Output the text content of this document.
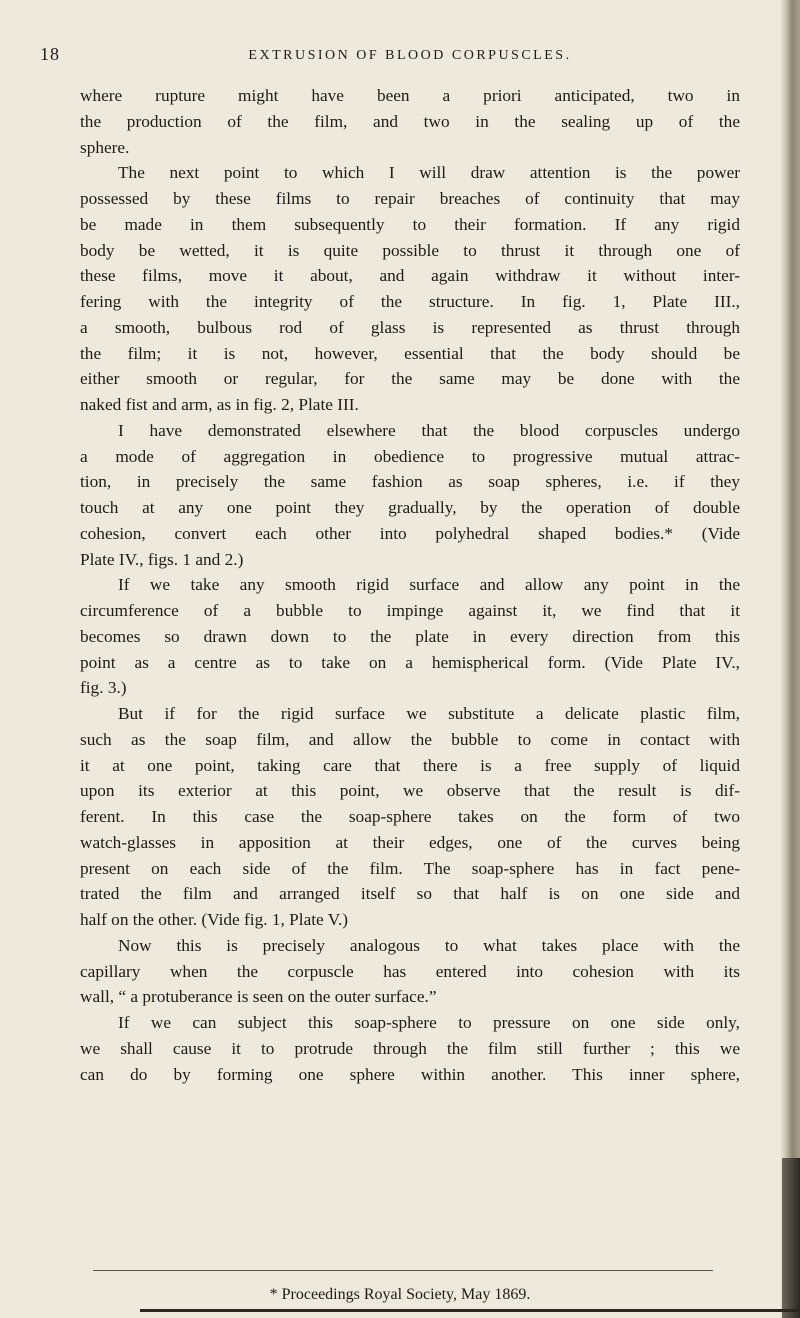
18	EXTRUSION OF BLOOD CORPUSCLES.
where rupture might have been a priori anticipated, two in
the production of the film, and two in the sealing up of the
sphere.
The next point to which I will draw attention is the power
possessed by these films to repair breaches of continuity that may
be made in them subsequently to their formation. If any rigid
body be wetted, it is quite possible to thrust it through one of
these films, move it about, and again withdraw it without inter-
fering with the integrity of the structure. In fig. 1, Plate III.,
a smooth, bulbous rod of glass is represented as thrust through
the film; it is not, however, essential that the body should be
either smooth or regular, for the same may be done with the
naked fist and arm, as in fig. 2, Plate III.
I have demonstrated elsewhere that the blood corpuscles undergo
a mode of aggregation in obedience to progressive mutual attrac-
tion, in precisely the same fashion as soap spheres, i.e. if they
touch at any one point they gradually, by the operation of double
cohesion, convert each other into polyhedral shaped bodies.* (Vide
Plate IV., figs. 1 and 2.)
If we take any smooth rigid surface and allow any point in the
circumference of a bubble to impinge against it, we find that it
becomes so drawn down to the plate in every direction from this
point as a centre as to take on a hemispherical form. (Vide Plate IV.,
fig. 3.)
But if for the rigid surface we substitute a delicate plastic film,
such as the soap film, and allow the bubble to come in contact with
it at one point, taking care that there is a free supply of liquid
upon its exterior at this point, we observe that the result is dif-
ferent. In this case the soap-sphere takes on the form of two
watch-glasses in apposition at their edges, one of the curves being
present on each side of the film. The soap-sphere has in fact pene-
trated the film and arranged itself so that half is on one side and
half on the other. (Vide fig. 1, Plate V.)
Now this is precisely analogous to what takes place with the
capillary when the corpuscle has entered into cohesion with its
wall, “ a protuberance is seen on the outer surface.”
If we can subject this soap-sphere to pressure on one side only,
we shall cause it to protrude through the film still further ; this we
can do by forming one sphere within another. This inner sphere,
* Proceedings Royal Society, May 1869.
